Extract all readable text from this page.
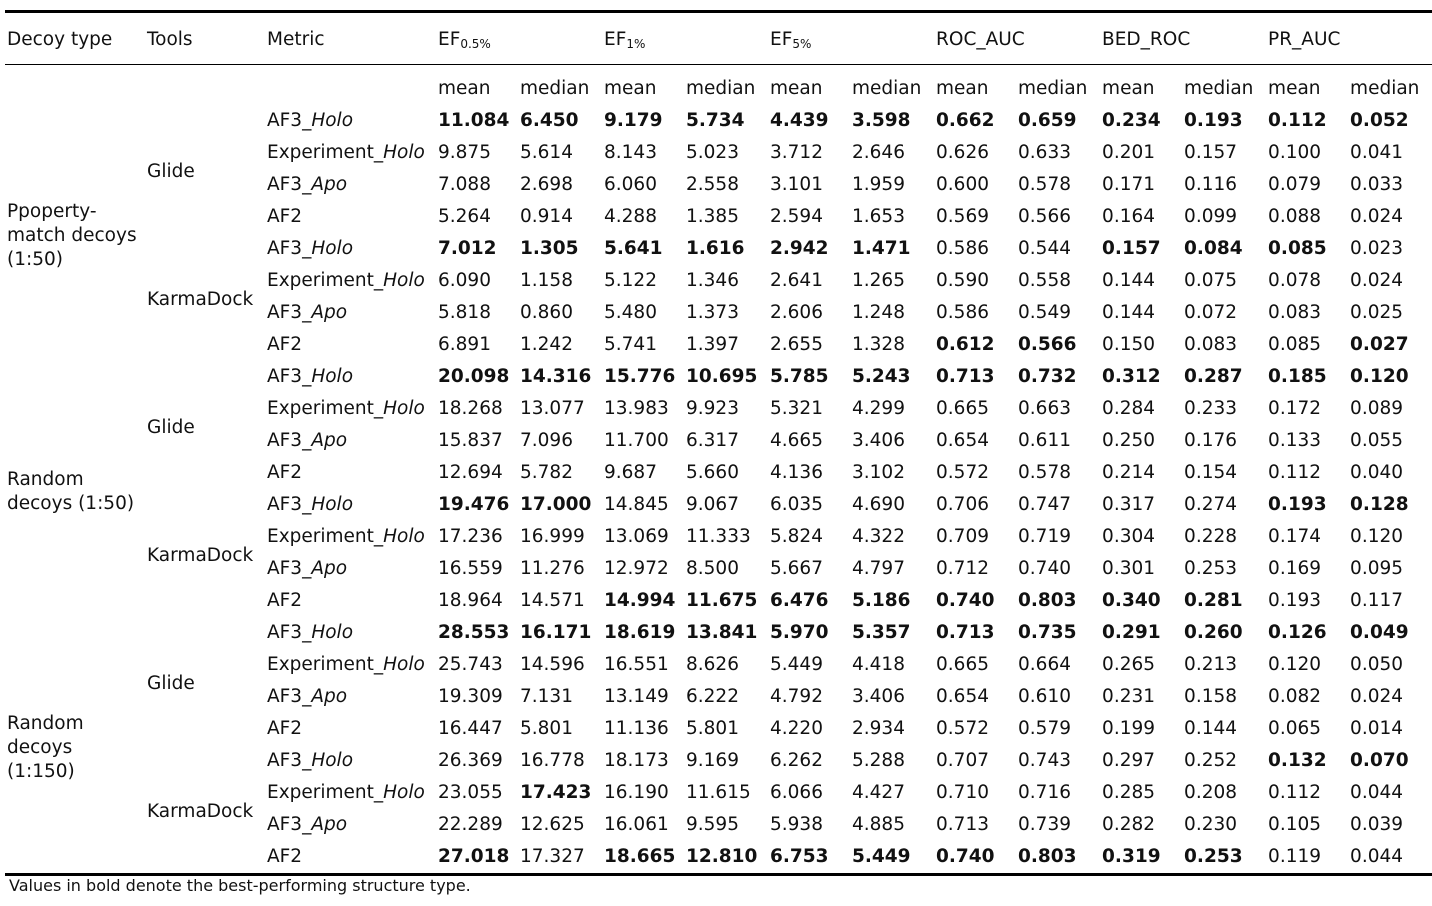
Decoy type	Tools	Metric	$EF_{0.5\%}$		$EF_{1\%}$		$EF_{5\%}$		ROC_AUC		BED_ROC		PR_AUC	
			mean	median	mean	median	mean	median	mean	median	mean	median	mean	median
Ppoperty-match decoys (1:50)	Glide	AF3_Holo	11.084	6.450	9.179	5.734	4.439	3.598	0.662	0.659	0.234	0.193	0.112	0.052
		Experiment_Holo	9.875	5.614	8.143	5.023	3.712	2.646	0.626	0.633	0.201	0.157	0.100	0.041
		AF3_Apo	7.088	2.698	6.060	2.558	3.101	1.959	0.600	0.578	0.171	0.116	0.079	0.033
		AF2	5.264	0.914	4.288	1.385	2.594	1.653	0.569	0.566	0.164	0.099	0.088	0.024
	KarmaDock	AF3_Holo	7.012	1.305	5.641	1.616	2.942	1.471	0.586	0.544	0.157	0.084	0.085	0.023
		Experiment_Holo	6.090	1.158	5.122	1.346	2.641	1.265	0.590	0.558	0.144	0.075	0.078	0.024
		AF3_Apo	5.818	0.860	5.480	1.373	2.606	1.248	0.586	0.549	0.144	0.072	0.083	0.025
		AF2	6.891	1.242	5.741	1.397	2.655	1.328	0.612	0.566	0.150	0.083	0.085	0.027
Random decoys (1:50)	Glide	AF3_Holo	20.098	14.316	15.776	10.695	5.785	5.243	0.713	0.732	0.312	0.287	0.185	0.120
		Experiment_Holo	18.268	13.077	13.983	9.923	5.321	4.299	0.665	0.663	0.284	0.233	0.172	0.089
		AF3_Apo	15.837	7.096	11.700	6.317	4.665	3.406	0.654	0.611	0.250	0.176	0.133	0.055
		AF2	12.694	5.782	9.687	5.660	4.136	3.102	0.572	0.578	0.214	0.154	0.112	0.040
	KarmaDock	AF3_Holo	19.476	17.000	14.845	9.067	6.035	4.690	0.706	0.747	0.317	0.274	0.193	0.128
		Experiment_Holo	17.236	16.999	13.069	11.333	5.824	4.322	0.709	0.719	0.304	0.228	0.174	0.120
		AF3_Apo	16.559	11.276	12.972	8.500	5.667	4.797	0.712	0.740	0.301	0.253	0.169	0.095
		AF2	18.964	14.571	14.994	11.675	6.476	5.186	0.740	0.803	0.340	0.281	0.193	0.117
Random decoys (1:150)	Glide	AF3_Holo	28.553	16.171	18.619	13.841	5.970	5.357	0.713	0.735	0.291	0.260	0.126	0.049
		Experiment_Holo	25.743	14.596	16.551	8.626	5.449	4.418	0.665	0.664	0.265	0.213	0.120	0.050
		AF3_Apo	19.309	7.131	13.149	6.222	4.792	3.406	0.654	0.610	0.231	0.158	0.082	0.024
		AF2	16.447	5.801	11.136	5.801	4.220	2.934	0.572	0.579	0.199	0.144	0.065	0.014
	KarmaDock	AF3_Holo	26.369	16.778	18.173	9.169	6.262	5.288	0.707	0.743	0.297	0.252	0.132	0.070
		Experiment_Holo	23.055	17.423	16.190	11.615	6.066	4.427	0.710	0.716	0.285	0.208	0.112	0.044
		AF3_Apo	22.289	12.625	16.061	9.595	5.938	4.885	0.713	0.739	0.282	0.230	0.105	0.039
		AF2	27.018	17.327	18.665	12.810	6.753	5.449	0.740	0.803	0.319	0.253	0.119	0.044
Values in bold denote the best-performing structure type.
